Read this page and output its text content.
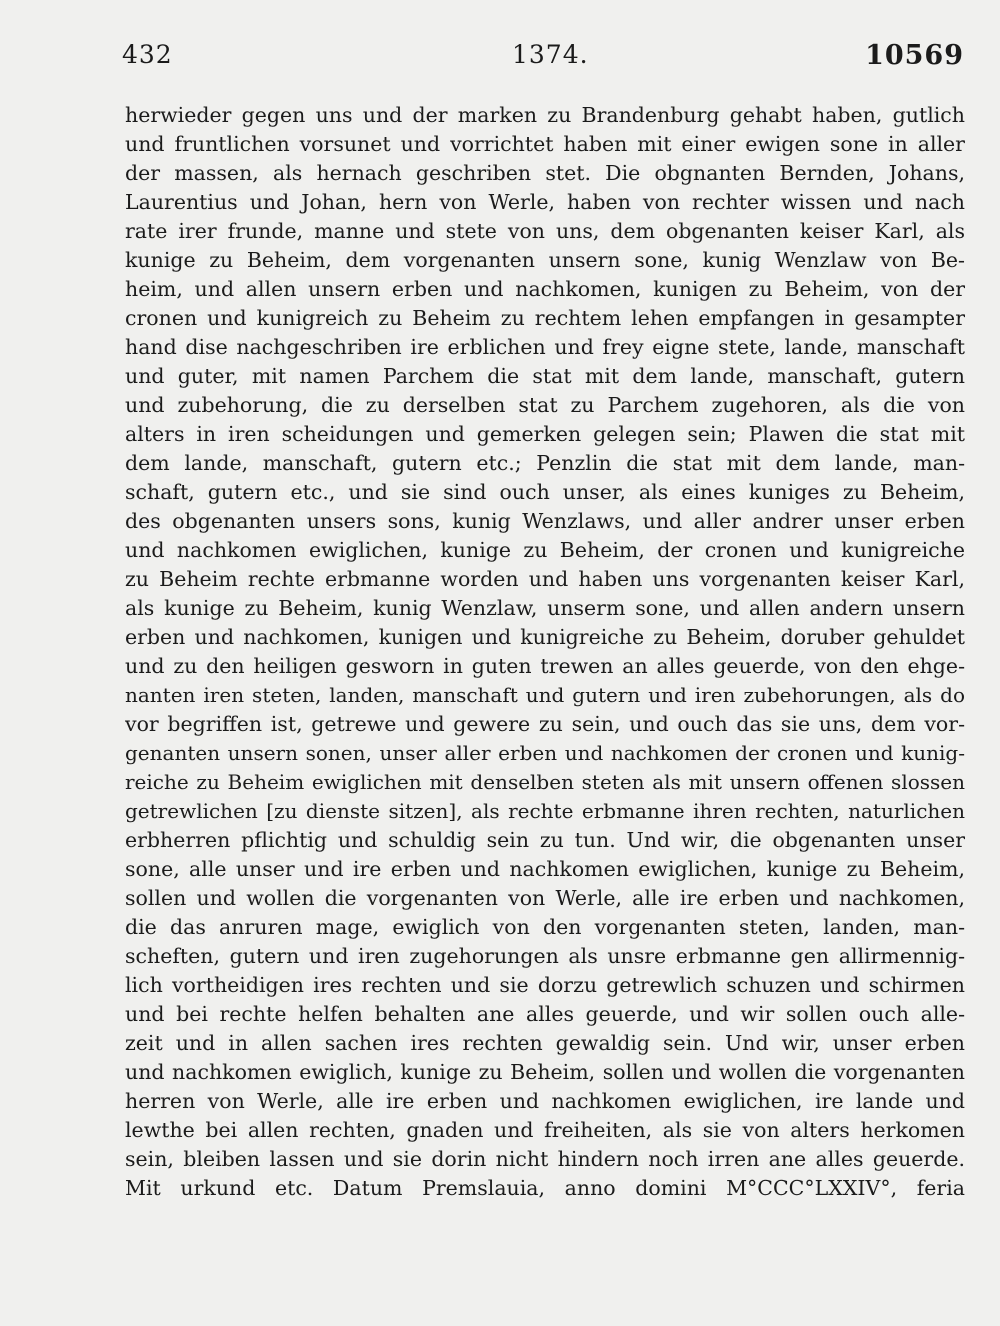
432	1374.	10569
herwieder gegen uns und der marken zu Brandenburg gehabt haben, gutlich
und fruntlichen vorsunet und vorrichtet haben mit einer ewigen sone in aller
der massen, als hernach geschriben stet. Die obgnanten Bernden, Johans,
Laurentius und Johan, hern von Werle, haben von rechter wissen und nach
rate irer frunde, manne und stete von uns, dem obgenanten keiser Karl, als
kunige zu Beheim, dem vorgenanten unsern sone, kunig Wenzlaw von Be-
heim, und allen unsern erben und nachkomen, kunigen zu Beheim, von der
cronen und kunigreich zu Beheim zu rechtem lehen empfangen in gesampter
hand dise nachgeschriben ire erblichen und frey eigne stete, lande, manschaft
und guter, mit namen Parchem die stat mit dem lande, manschaft, gutern
und zubehorung, die zu derselben stat zu Parchem zugehoren, als die von
alters in iren scheidungen und gemerken gelegen sein; Plawen die stat mit
dem lande, manschaft, gutern etc.; Penzlin die stat mit dem lande, man-
schaft, gutern etc., und sie sind ouch unser, als eines kuniges zu Beheim,
des obgenanten unsers sons, kunig Wenzlaws, und aller andrer unser erben
und nachkomen ewiglichen, kunige zu Beheim, der cronen und kunigreiche
zu Beheim rechte erbmanne worden und haben uns vorgenanten keiser Karl,
als kunige zu Beheim, kunig Wenzlaw, unserm sone, und allen andern unsern
erben und nachkomen, kunigen und kunigreiche zu Beheim, doruber gehuldet
und zu den heiligen gesworn in guten trewen an alles geuerde, von den ehge-
nanten iren steten, landen, manschaft und gutern und iren zubehorungen, als do
vor begriffen ist, getrewe und gewere zu sein, und ouch das sie uns, dem vor-
genanten unsern sonen, unser aller erben und nachkomen der cronen und kunig-
reiche zu Beheim ewiglichen mit denselben steten als mit unsern offenen slossen
getrewlichen [zu dienste sitzen], als rechte erbmanne ihren rechten, naturlichen
erbherren pflichtig und schuldig sein zu tun. Und wir, die obgenanten unser
sone, alle unser und ire erben und nachkomen ewiglichen, kunige zu Beheim,
sollen und wollen die vorgenanten von Werle, alle ire erben und nachkomen,
die das anruren mage, ewiglich von den vorgenanten steten, landen, man-
scheften, gutern und iren zugehorungen als unsre erbmanne gen allirmennig-
lich vortheidigen ires rechten und sie dorzu getrewlich schuzen und schirmen
und bei rechte helfen behalten ane alles geuerde, und wir sollen ouch alle-
zeit und in allen sachen ires rechten gewaldig sein. Und wir, unser erben
und nachkomen ewiglich, kunige zu Beheim, sollen und wollen die vorgenanten
herren von Werle, alle ire erben und nachkomen ewiglichen, ire lande und
lewthe bei allen rechten, gnaden und freiheiten, als sie von alters herkomen
sein, bleiben lassen und sie dorin nicht hindern noch irren ane alles geuerde.
Mit urkund etc. Datum Premslauia, anno domini M°CCC°LXXIV°, feria
